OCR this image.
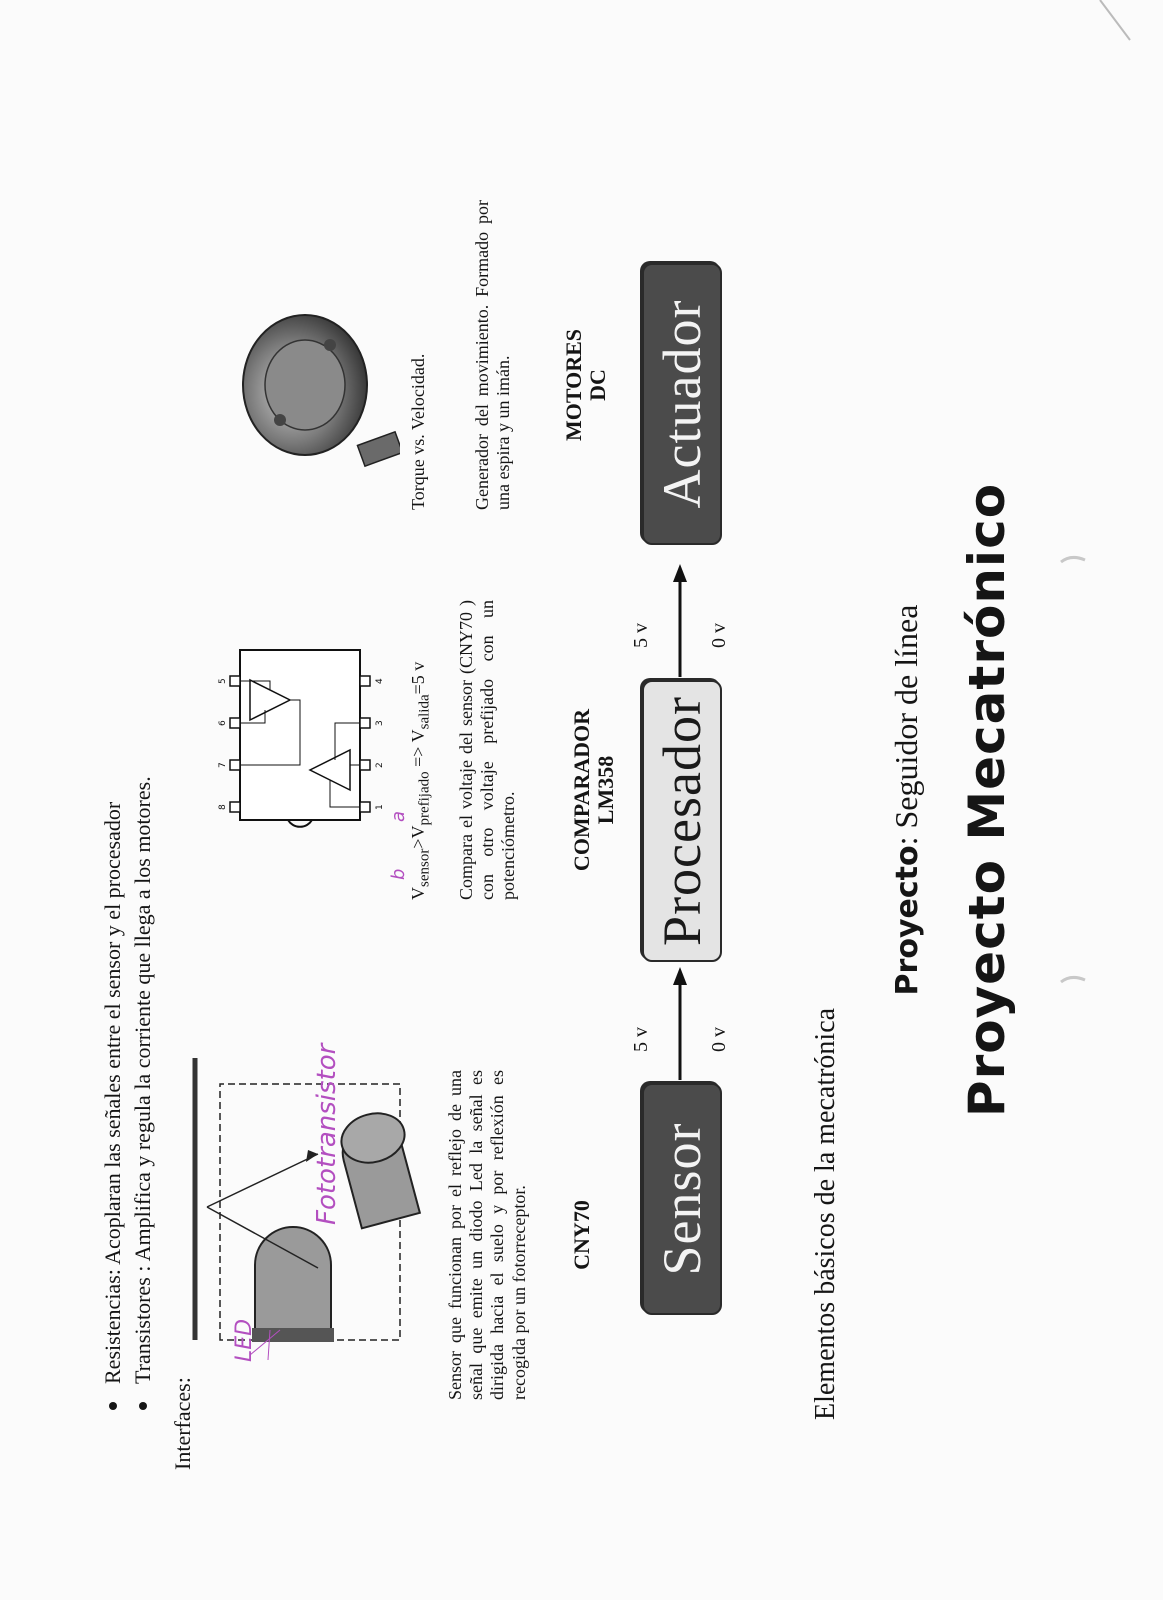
Proyecto Mecatrónico
Proyecto: Seguidor de línea
Elementos básicos de la mecatrónica
Sensor
Procesador
Actuador
0 v
5 v
0 v
5 v
CNY70
Sensor que funcionan por el reflejo de una señal que emite un diodo Led la señal es dirigida hacia el suelo y por reflexión es recogida por un fotorreceptor.
LED
Fototransistor
COMPARADOR LM358
Compara el voltaje del sensor (CNY70 ) con otro voltaje prefijado con un potenciómetro.
$V_{sensor}>V_{prefijado} => V_{salida}=5$ v
1
2
3
4
5
6
7
8
a
b
MOTORES DC
Generador del movimiento. Formado por una espira y un imán.
Torque vs. Velocidad.
Interfaces:
Resistencias: Acoplaran las señales entre el sensor y el procesador Transistores : Amplifica y regula la corriente que llega a los motores.
